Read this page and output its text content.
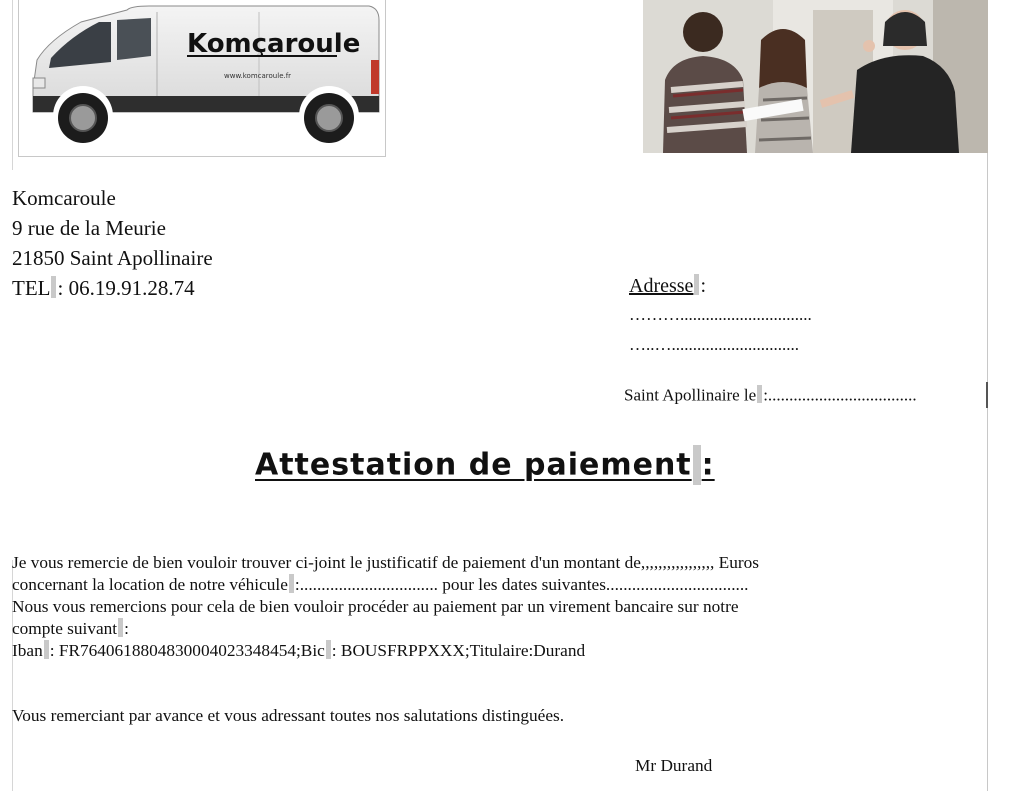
Komçaroule
www.komcaroule.fr
Komcaroule
9 rue de la Meurie
21850 Saint Apollinaire
TEL : 06.19.91.28.74	Adresse :
………...............................
…..…..............................
Saint Apollinaire le :...................................
Attestation de paiement :

Je vous remercie de bien vouloir trouver ci-joint le justificatif de paiement d'un montant de,,,,,,,,,,,,,,,,, Euros

concernant la location de notre véhicule :................................ pour les dates suivantes.................................

Nous vous remercions pour cela de bien vouloir procéder au paiement par un virement bancaire sur notre

compte suivant :

Iban : FR7640618804830004023348454;Bic : BOUSFRPPXXX;Titulaire:Durand

Vous remerciant par avance et vous adressant toutes nos salutations distinguées.
Mr Durand
